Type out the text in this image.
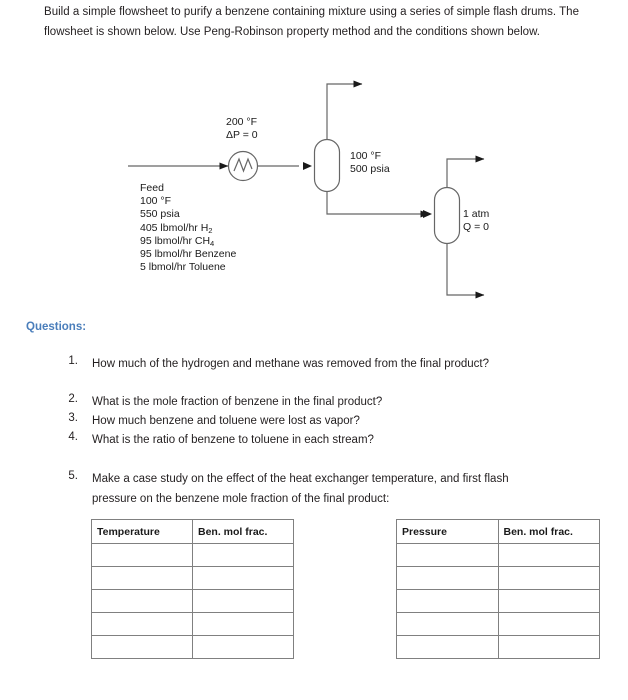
Build a simple flowsheet to purify a benzene containing mixture using a series of simple flash drums. The flowsheet is shown below. Use Peng-Robinson property method and the conditions shown below.
200 °F
ΔP = 0
Feed
100 °F
550 psia
405 lbmol/hr $H_2$
95 lbmol/hr $CH_4$
95 lbmol/hr Benzene
5 lbmol/hr Toluene
100 °F
500 psia
1 atm
Q = 0
Questions:
1. How much of the hydrogen and methane was removed from the final product?
2. What is the mole fraction of benzene in the final product?
3. How much benzene and toluene were lost as vapor?
4. What is the ratio of benzene to toluene in each stream?
5. Make a case study on the effect of the heat exchanger temperature, and first flash pressure on the benzene mole fraction of the final product:
Temperature	Ben. mol frac.

		Pressure	Ben. mol frac.
